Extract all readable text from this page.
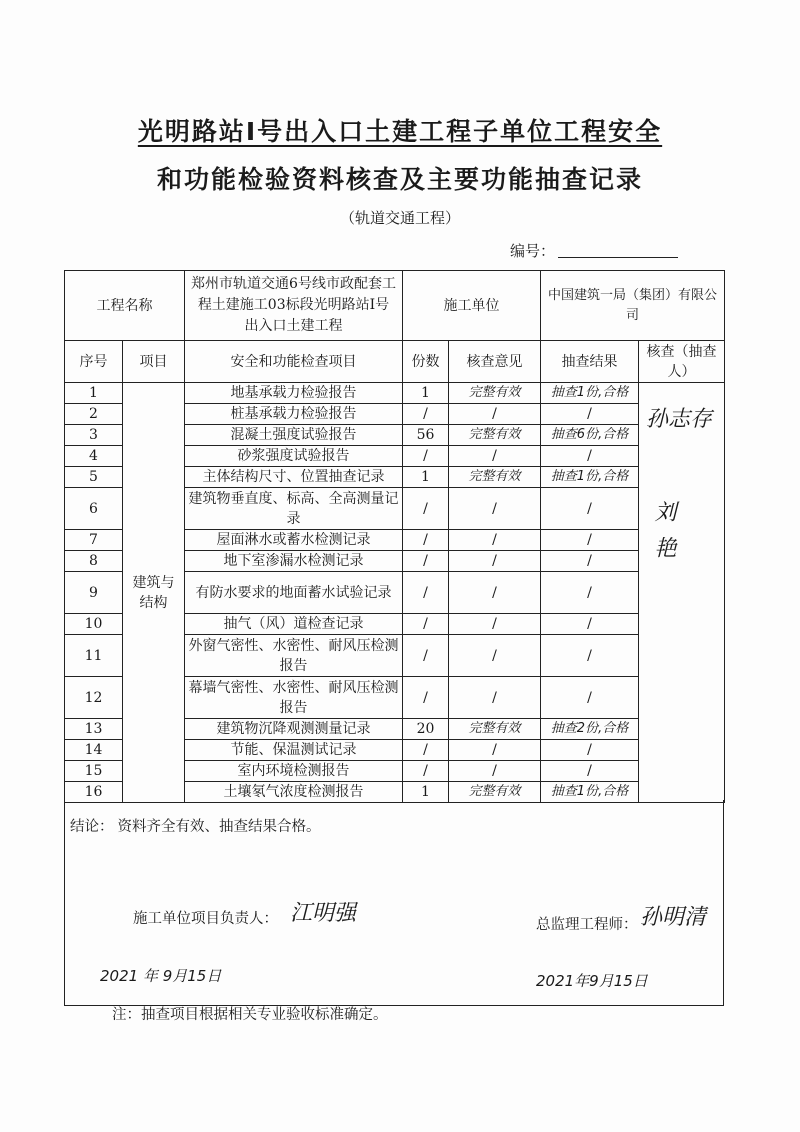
光明路站Ⅰ号出入口土建工程子单位工程安全
和功能检验资料核查及主要功能抽查记录
（轨道交通工程）
编号：
工程名称		郑州市轨道交通6号线市政配套工程土建施工03标段光明路站Ⅰ号出入口土建工程	施工单位		中国建筑一局（集团）有限公司	
序号	项目	安全和功能检查项目	份数	核查意见	抽查结果	核查（抽查人）
1	建筑与结构	地基承载力检验报告	1	完整有效	抽查1份,合格	
2		桩基承载力检验报告	/	/	/	
3		混凝土强度试验报告	56	完整有效	抽查6份,合格	
4		砂浆强度试验报告	/	/	/	
5		主体结构尺寸、位置抽查记录	1	完整有效	抽查1份,合格	
6		建筑物垂直度、标高、全高测量记录	/	/	/	
7		屋面淋水或蓄水检测记录	/	/	/	
8		地下室渗漏水检测记录	/	/	/	
9		有防水要求的地面蓄水试验记录	/	/	/	
10		抽气（风）道检查记录	/	/	/	
11		外窗气密性、水密性、耐风压检测报告	/	/	/	
12		幕墙气密性、水密性、耐风压检测报告	/	/	/	
13		建筑物沉降观测测量记录	20	完整有效	抽查2份,合格	
14		节能、保温测试记录	/	/	/	
15		室内环境检测报告	/	/	/	
16		土壤氡气浓度检测报告	1	完整有效	抽查1份,合格	
孙志存
刘艳
结论： 资料齐全有效、抽查结果合格。
施工单位项目负责人： 江明强
2021 年 9月15日
总监理工程师： 孙明清
2021年9月15日
注：抽查项目根据相关专业验收标准确定。
